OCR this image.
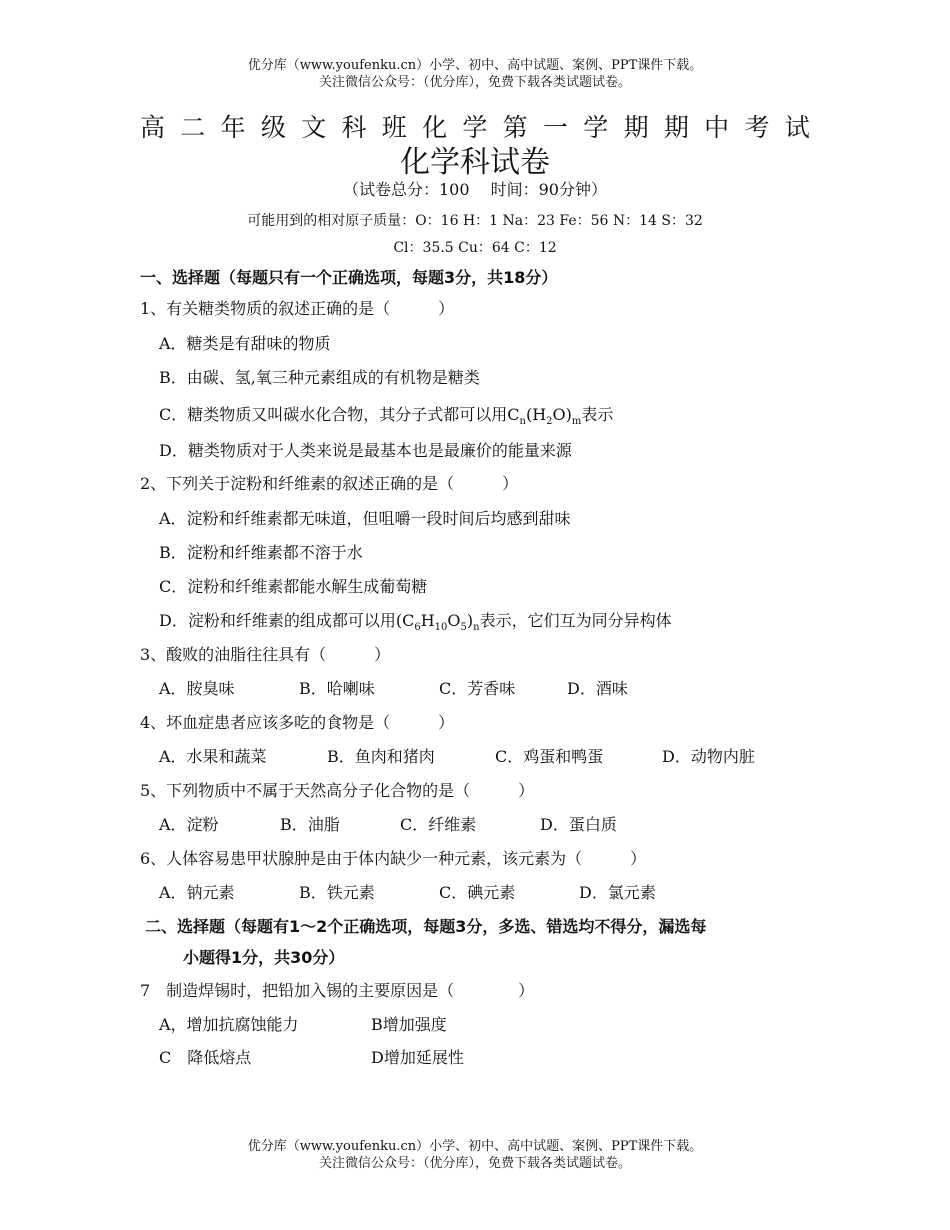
优分库（www.youfenku.cn）小学、初中、高中试题、案例、PPT课件下载。
关注微信公众号：（优分库），免费下载各类试题试卷。
高 二 年 级 文 科 班 化 学 第 一 学 期 期 中 考 试
化学科试卷
（试卷总分：100　 时间：90分钟）
可能用到的相对原子质量：O：16 H：1 Na：23 Fe：56 N：14 S：32
Cl：35.5 Cu：64 C：12
一、选择题（每题只有一个正确选项，每题3分，共18分）
1、有关糖类物质的叙述正确的是（　　　）
A．糖类是有甜味的物质
B．由碳、氢,氧三种元素组成的有机物是糖类
C．糖类物质又叫碳水化合物，其分子式都可以用$C_n(H_2O)_m$表示
D．糖类物质对于人类来说是最基本也是最廉价的能量来源
2、下列关于淀粉和纤维素的叙述正确的是（　　　）
A．淀粉和纤维素都无味道，但咀嚼一段时间后均感到甜味
B．淀粉和纤维素都不溶于水
C．淀粉和纤维素都能水解生成葡萄糖
D．淀粉和纤维素的组成都可以用$(C_6H_{10}O_5)_n$表示，它们互为同分异构体
3、酸败的油脂往往具有（　　　）
A．胺臭味	B．哈喇味	C．芳香味	D．酒味
4、坏血症患者应该多吃的食物是（　　　）
A．水果和蔬菜	B．鱼肉和猪肉	C．鸡蛋和鸭蛋	D．动物内脏
5、下列物质中不属于天然高分子化合物的是（　　　）
A．淀粉	B．油脂	C．纤维素	D．蛋白质
6、人体容易患甲状腺肿是由于体内缺少一种元素，该元素为（　　　）
A．钠元素	B．铁元素	C．碘元素	D．氯元素
二、选择题（每题有1～2个正确选项，每题3分，多选、错选均不得分，漏选每
小题得1分，共30分）
7　制造焊锡时，把铅加入锡的主要原因是（　　　　）
A，增加抗腐蚀能力	B增加强度
C　降低熔点	D增加延展性
优分库（www.youfenku.cn）小学、初中、高中试题、案例、PPT课件下载。
关注微信公众号：（优分库），免费下载各类试题试卷。
